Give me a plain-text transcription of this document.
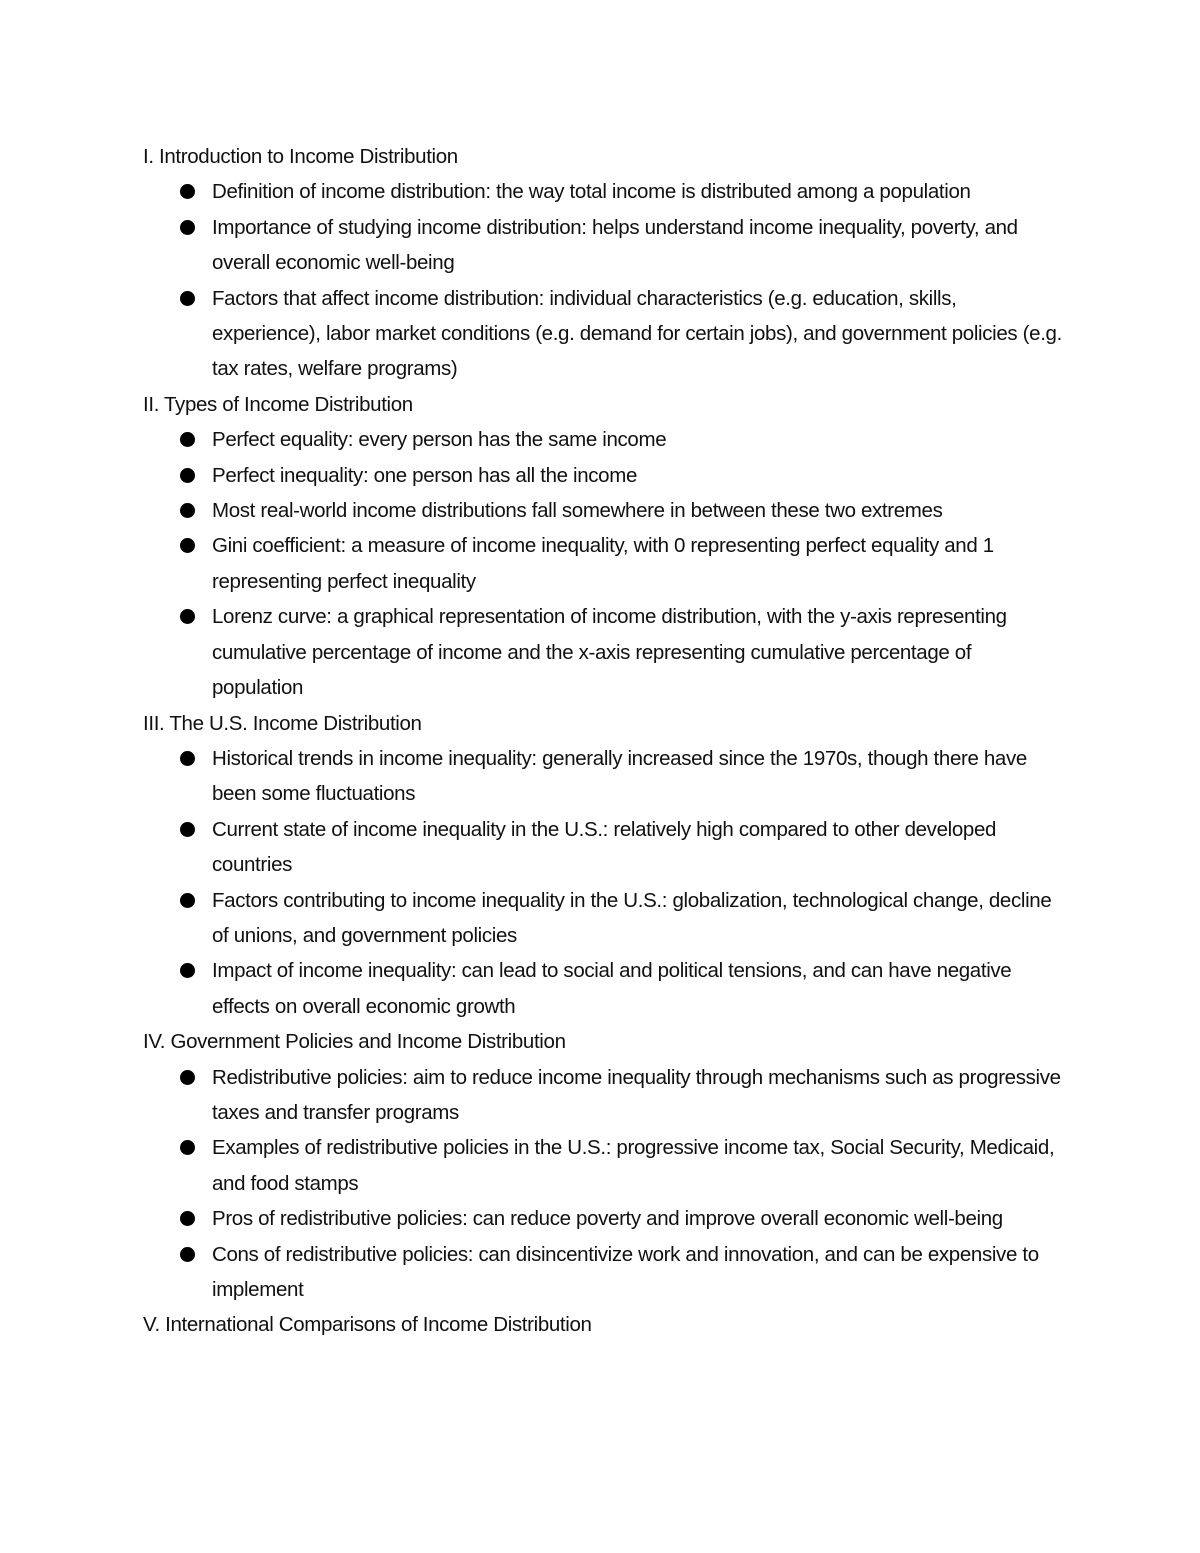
I. Introduction to Income Distribution

Definition of income distribution: the way total income is distributed among a population
Importance of studying income distribution: helps understand income inequality, poverty, and overall economic well-being
Factors that affect income distribution: individual characteristics (e.g. education, skills, experience), labor market conditions (e.g. demand for certain jobs), and government policies (e.g. tax rates, welfare programs)

II. Types of Income Distribution

Perfect equality: every person has the same income
Perfect inequality: one person has all the income
Most real-world income distributions fall somewhere in between these two extremes
Gini coefficient: a measure of income inequality, with 0 representing perfect equality and 1 representing perfect inequality
Lorenz curve: a graphical representation of income distribution, with the y-axis representing cumulative percentage of income and the x-axis representing cumulative percentage of population

III. The U.S. Income Distribution

Historical trends in income inequality: generally increased since the 1970s, though there have been some fluctuations
Current state of income inequality in the U.S.: relatively high compared to other developed countries
Factors contributing to income inequality in the U.S.: globalization, technological change, decline of unions, and government policies
Impact of income inequality: can lead to social and political tensions, and can have negative effects on overall economic growth

IV. Government Policies and Income Distribution

Redistributive policies: aim to reduce income inequality through mechanisms such as progressive taxes and transfer programs
Examples of redistributive policies in the U.S.: progressive income tax, Social Security, Medicaid, and food stamps
Pros of redistributive policies: can reduce poverty and improve overall economic well-being
Cons of redistributive policies: can disincentivize work and innovation, and can be expensive to implement

V. International Comparisons of Income Distribution
